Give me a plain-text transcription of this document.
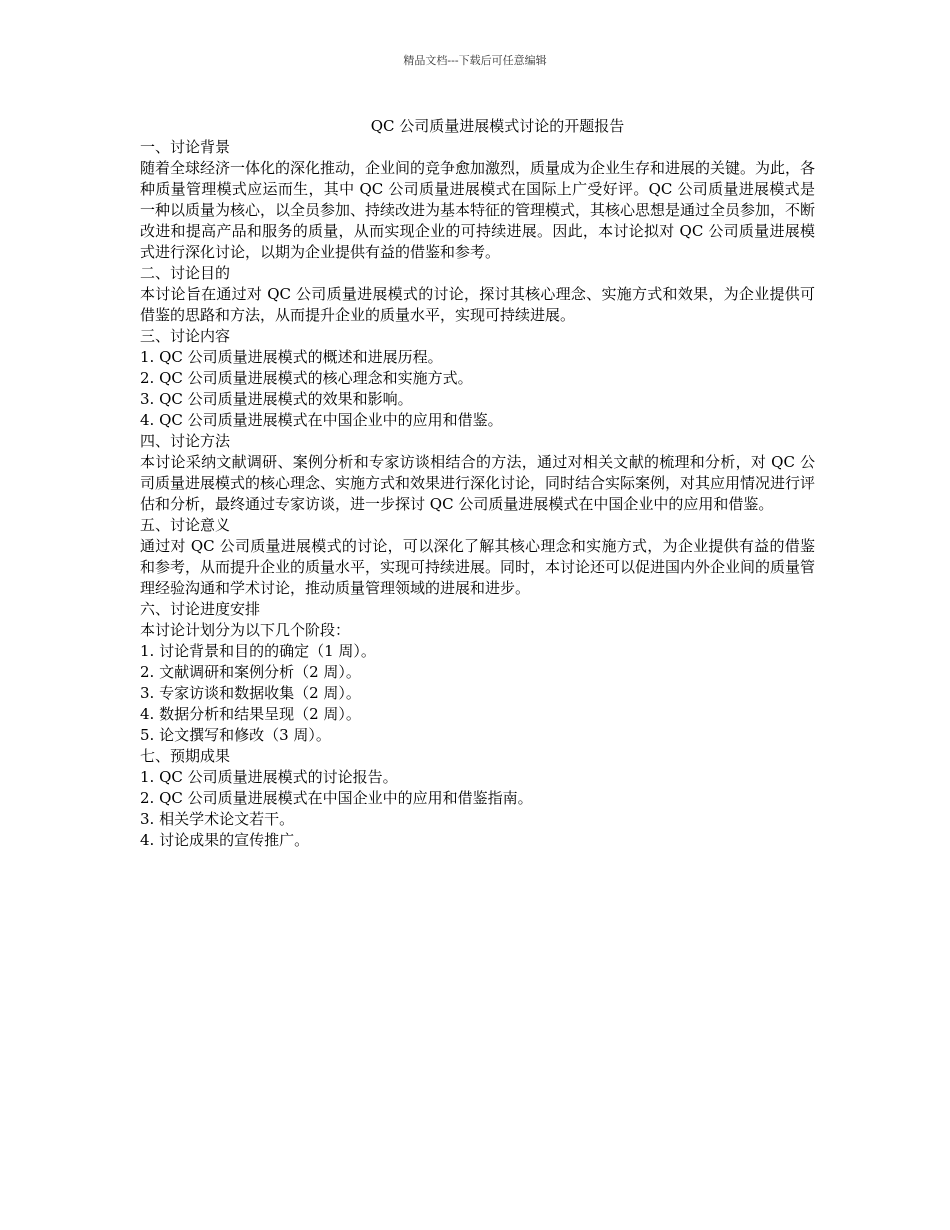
精品文档---下载后可任意编辑
QC 公司质量进展模式讨论的开题报告
一、讨论背景
随着全球经济一体化的深化推动，企业间的竞争愈加激烈，质量成为企业生存和进展的关键。为此，各种质量管理模式应运而生，其中 QC 公司质量进展模式在国际上广受好评。QC 公司质量进展模式是一种以质量为核心，以全员参加、持续改进为基本特征的管理模式，其核心思想是通过全员参加，不断改进和提高产品和服务的质量，从而实现企业的可持续进展。因此，本讨论拟对 QC 公司质量进展模式进行深化讨论，以期为企业提供有益的借鉴和参考。
二、讨论目的
本讨论旨在通过对 QC 公司质量进展模式的讨论，探讨其核心理念、实施方式和效果，为企业提供可借鉴的思路和方法，从而提升企业的质量水平，实现可持续进展。
三、讨论内容
1. QC 公司质量进展模式的概述和进展历程。
2. QC 公司质量进展模式的核心理念和实施方式。
3. QC 公司质量进展模式的效果和影响。
4. QC 公司质量进展模式在中国企业中的应用和借鉴。
四、讨论方法
本讨论采纳文献调研、案例分析和专家访谈相结合的方法，通过对相关文献的梳理和分析，对 QC 公司质量进展模式的核心理念、实施方式和效果进行深化讨论，同时结合实际案例，对其应用情况进行评估和分析，最终通过专家访谈，进一步探讨 QC 公司质量进展模式在中国企业中的应用和借鉴。
五、讨论意义
通过对 QC 公司质量进展模式的讨论，可以深化了解其核心理念和实施方式，为企业提供有益的借鉴和参考，从而提升企业的质量水平，实现可持续进展。同时，本讨论还可以促进国内外企业间的质量管理经验沟通和学术讨论，推动质量管理领域的进展和进步。
六、讨论进度安排
本讨论计划分为以下几个阶段：
1. 讨论背景和目的的确定（1 周）。
2. 文献调研和案例分析（2 周）。
3. 专家访谈和数据收集（2 周）。
4. 数据分析和结果呈现（2 周）。
5. 论文撰写和修改（3 周）。
七、预期成果
1. QC 公司质量进展模式的讨论报告。
2. QC 公司质量进展模式在中国企业中的应用和借鉴指南。
3. 相关学术论文若干。
4. 讨论成果的宣传推广。
